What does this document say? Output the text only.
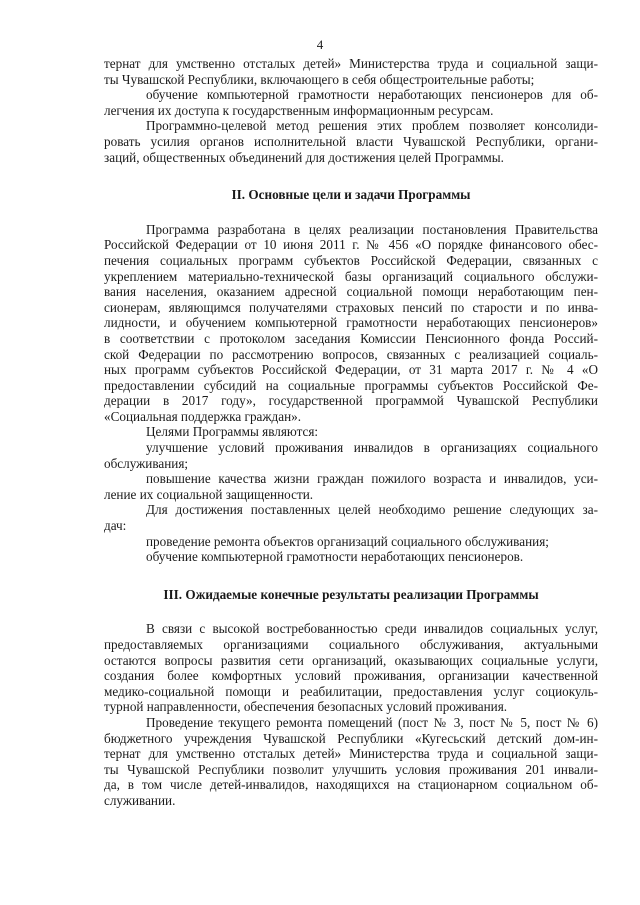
4
тернат для умственно отсталых детей» Министерства труда и социальной защи-
ты Чувашской Республики, включающего в себя общестроительные работы;
обучение компьютерной грамотности неработающих пенсионеров для об-
легчения их доступа к государственным информационным ресурсам.
Программно-целевой метод решения этих проблем позволяет консолиди-
ровать усилия органов исполнительной власти Чувашской Республики, органи-
заций, общественных объединений для достижения целей Программы.
II. Основные цели и задачи Программы
Программа разработана в целях реализации постановления Правительства
Российской Федерации от 10 июня 2011 г. № 456 «О порядке финансового обес-
печения социальных программ субъектов Российской Федерации, связанных с
укреплением материально-технической базы организаций социального обслужи-
вания населения, оказанием адресной социальной помощи неработающим пен-
сионерам, являющимся получателями страховых пенсий по старости и по инва-
лидности, и обучением компьютерной грамотности неработающих пенсионеров»
в соответствии с протоколом заседания Комиссии Пенсионного фонда Россий-
ской Федерации по рассмотрению вопросов, связанных с реализацией социаль-
ных программ субъектов Российской Федерации, от 31 марта 2017 г. № 4 «О
предоставлении субсидий на социальные программы субъектов Российской Фе-
дерации в 2017 году», государственной программой Чувашской Республики
«Социальная поддержка граждан».
Целями Программы являются:
улучшение условий проживания инвалидов в организациях социального
обслуживания;
повышение качества жизни граждан пожилого возраста и инвалидов, уси-
ление их социальной защищенности.
Для достижения поставленных целей необходимо решение следующих за-
дач:
проведение ремонта объектов организаций социального обслуживания;
обучение компьютерной грамотности неработающих пенсионеров.
III. Ожидаемые конечные результаты реализации Программы
В связи с высокой востребованностью среди инвалидов социальных услуг,
предоставляемых организациями социального обслуживания, актуальными
остаются вопросы развития сети организаций, оказывающих социальные услуги,
создания более комфортных условий проживания, организации качественной
медико-социальной помощи и реабилитации, предоставления услуг социокуль-
турной направленности, обеспечения безопасных условий проживания.
Проведение текущего ремонта помещений (пост № 3, пост № 5, пост № 6)
бюджетного учреждения Чувашской Республики «Кугесьский детский дом-ин-
тернат для умственно отсталых детей» Министерства труда и социальной защи-
ты Чувашской Республики позволит улучшить условия проживания 201 инвали-
да, в том числе детей-инвалидов, находящихся на стационарном социальном об-
служивании.
